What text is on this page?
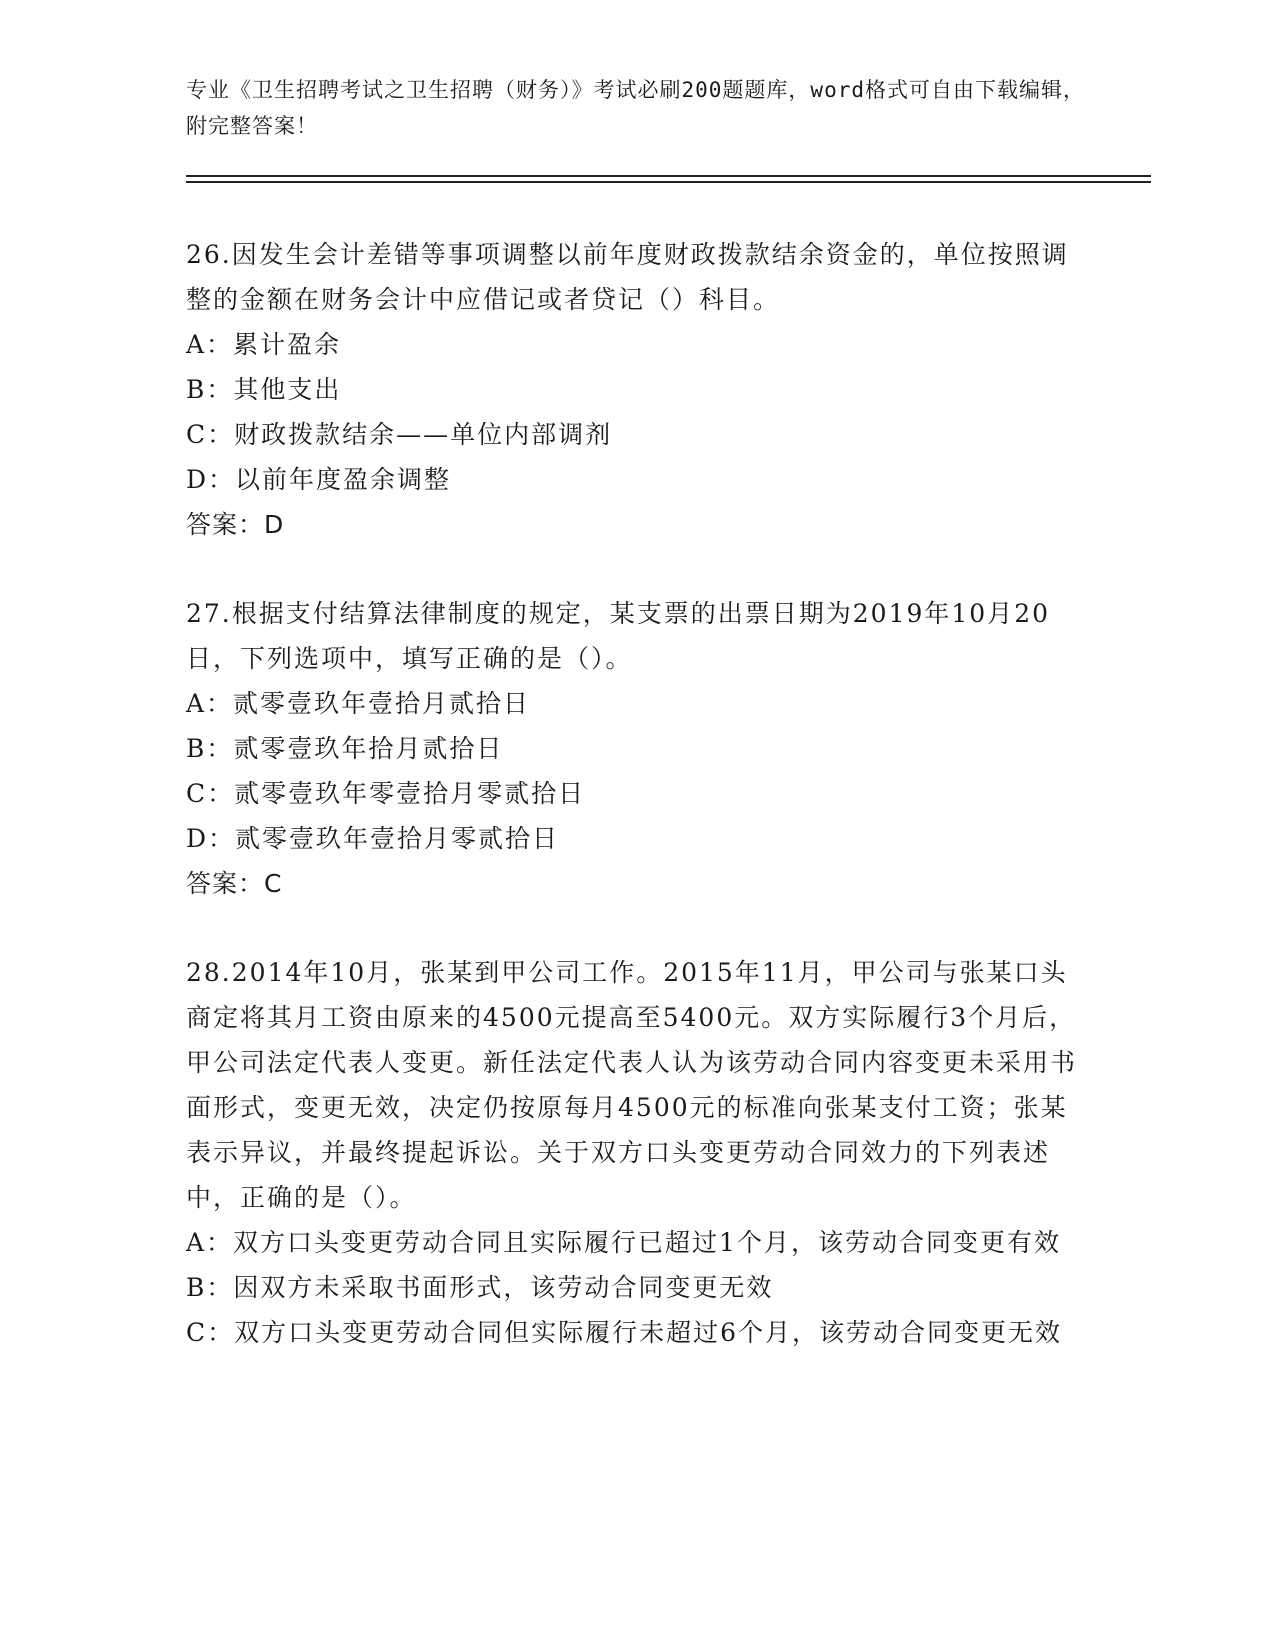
专业《卫生招聘考试之卫生招聘（财务）》考试必刷200题题库，word格式可自由下载编辑，附完整答案！
26.因发生会计差错等事项调整以前年度财政拨款结余资金的，单位按照调整的金额在财务会计中应借记或者贷记（）科目。
A：累计盈余
B：其他支出
C：财政拨款结余——单位内部调剂
D：以前年度盈余调整
答案：D
27.根据支付结算法律制度的规定，某支票的出票日期为2019年10月20日，下列选项中，填写正确的是（）。
A：贰零壹玖年壹拾月贰拾日
B：贰零壹玖年拾月贰拾日
C：贰零壹玖年零壹拾月零贰拾日
D：贰零壹玖年壹拾月零贰拾日
答案：C
28.2014年10月，张某到甲公司工作。2015年11月，甲公司与张某口头商定将其月工资由原来的4500元提高至5400元。双方实际履行3个月后，甲公司法定代表人变更。新任法定代表人认为该劳动合同内容变更未采用书面形式，变更无效，决定仍按原每月4500元的标准向张某支付工资；张某表示异议，并最终提起诉讼。关于双方口头变更劳动合同效力的下列表述中，正确的是（）。
A：双方口头变更劳动合同且实际履行已超过1个月，该劳动合同变更有效
B：因双方未采取书面形式，该劳动合同变更无效
C：双方口头变更劳动合同但实际履行未超过6个月，该劳动合同变更无效
